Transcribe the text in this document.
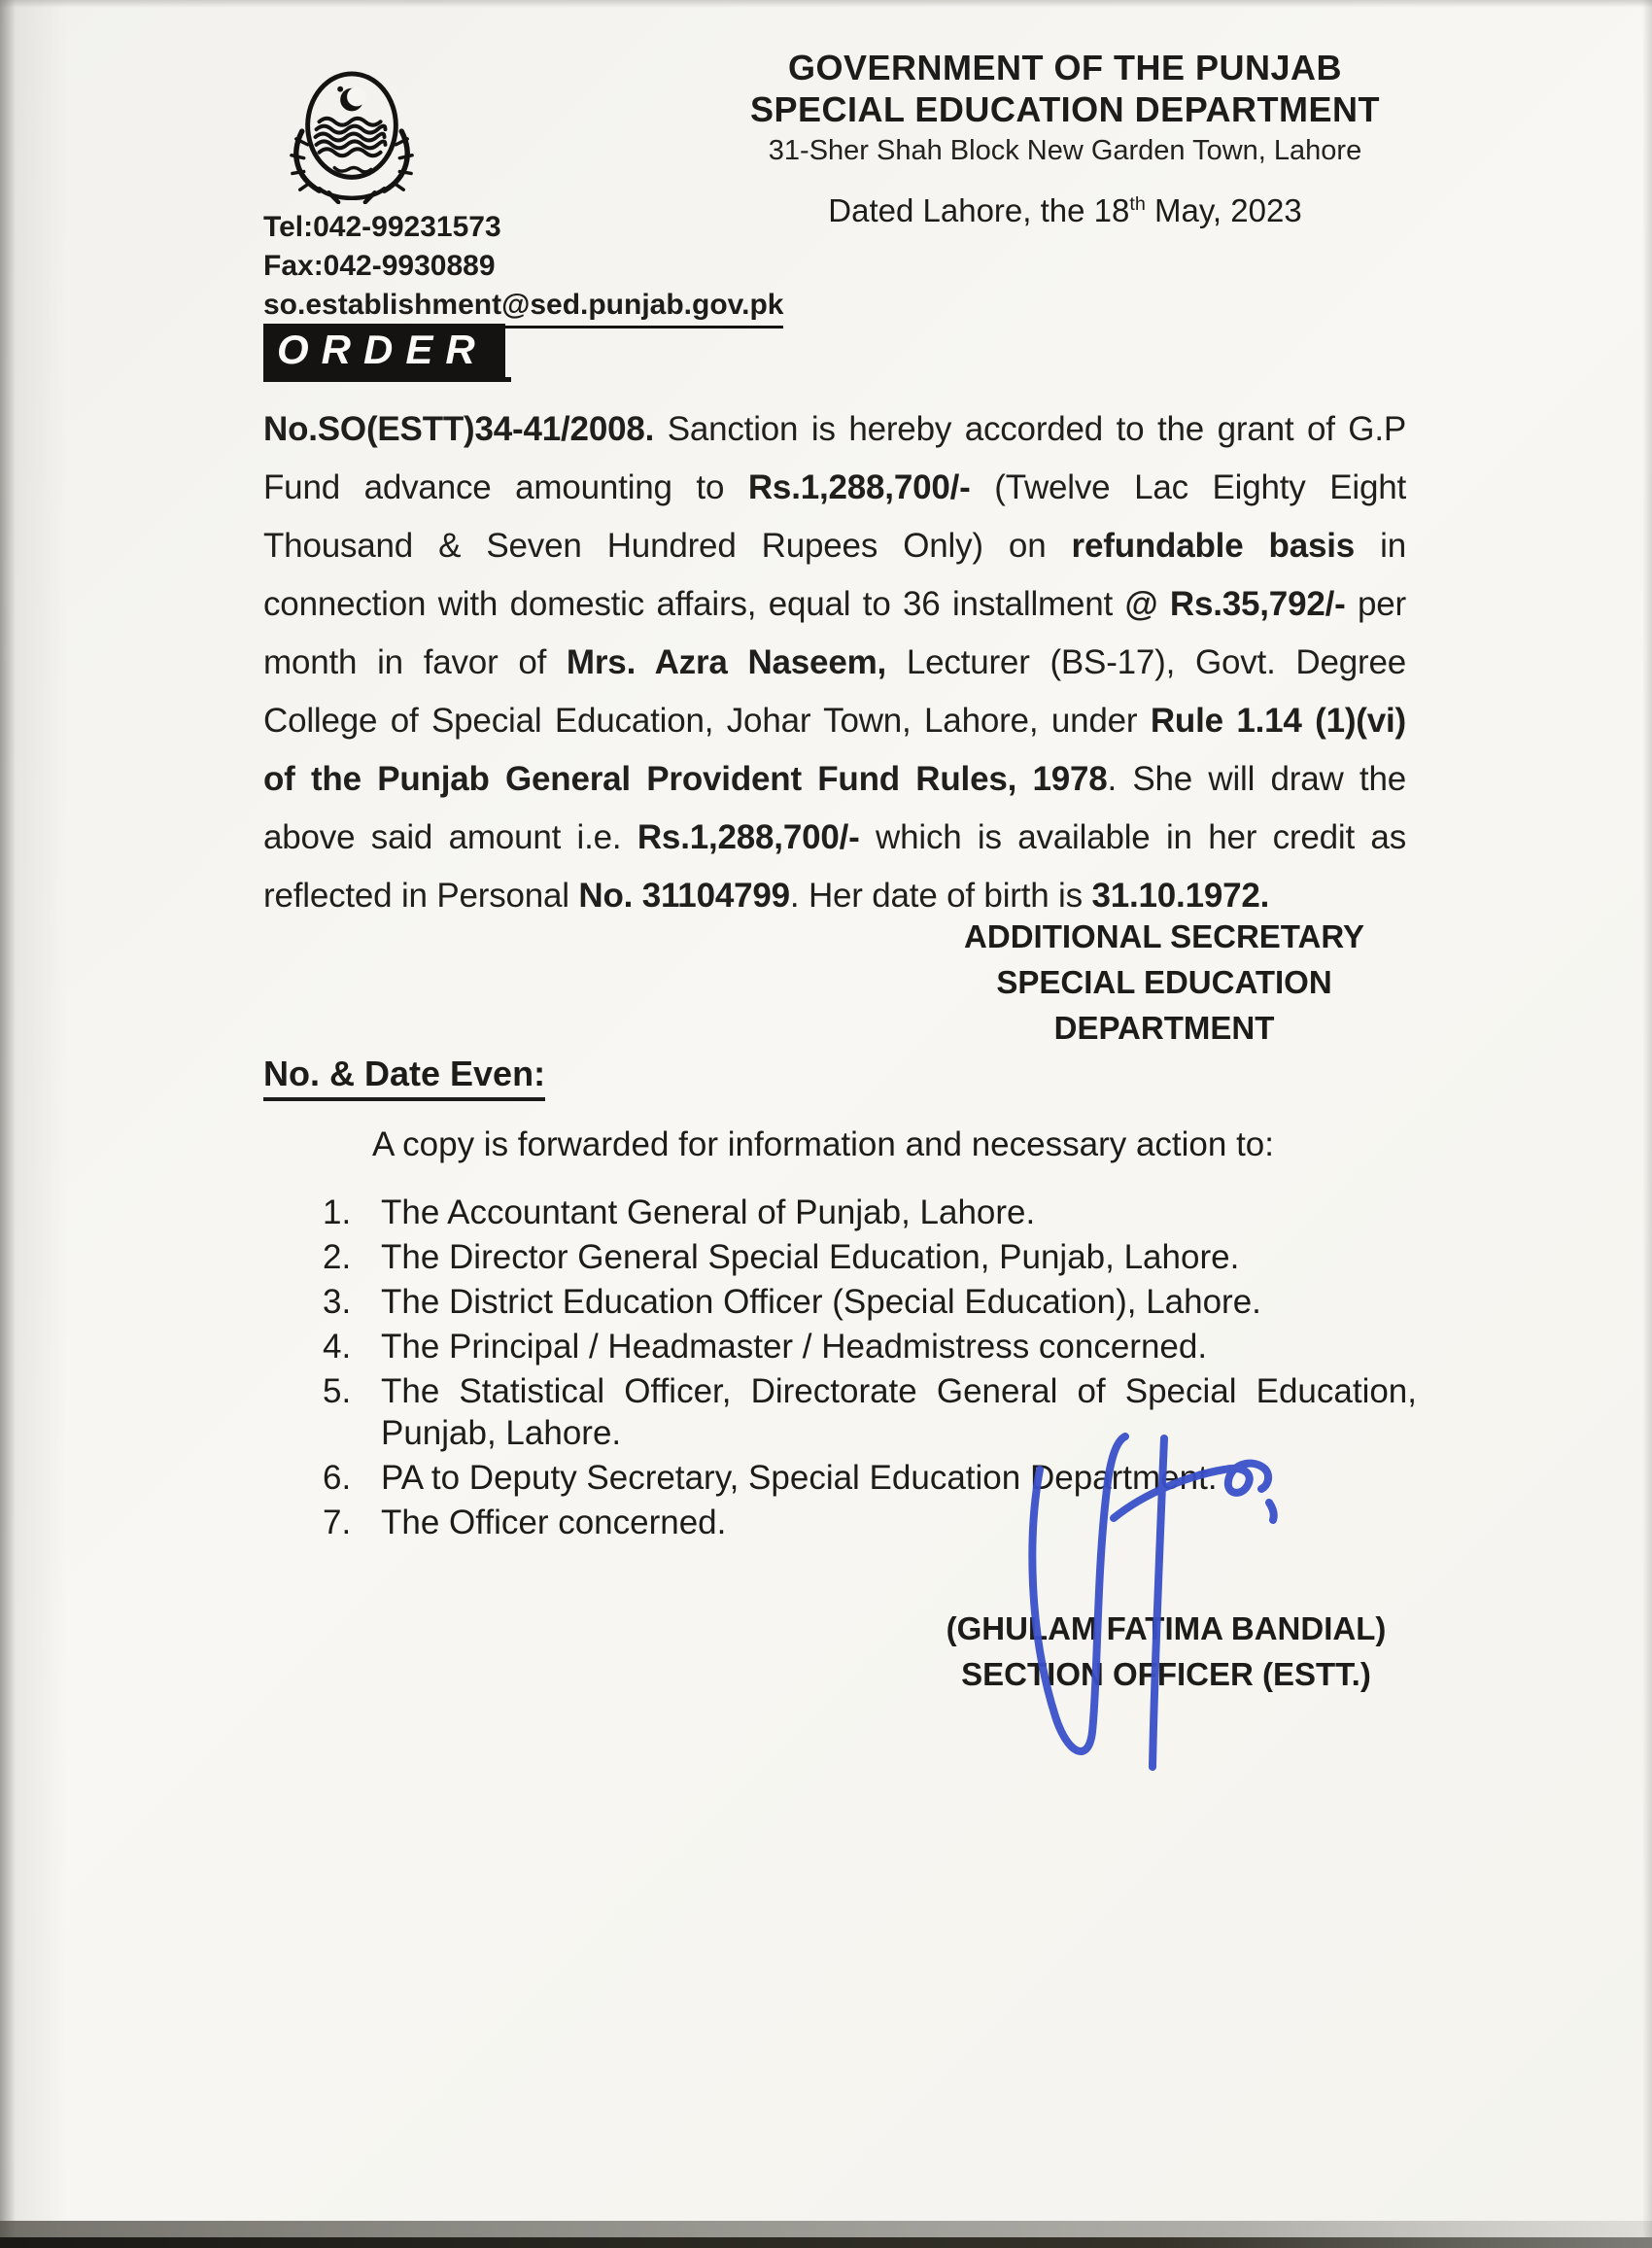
GOVERNMENT OF THE PUNJAB
SPECIAL EDUCATION DEPARTMENT
31-Sher Shah Block New Garden Town, Lahore
Dated Lahore, the 18th May, 2023
Tel:042-99231573
Fax:042-9930889
so.establishment@sed.punjab.gov.pk
ORDER
No.SO(ESTT)34-41/2008. Sanction is hereby accorded to the grant of G.P Fund advance amounting to Rs.1,288,700/- (Twelve Lac Eighty Eight Thousand & Seven Hundred Rupees Only) on refundable basis in connection with domestic affairs, equal to 36 installment @ Rs.35,792/- per month in favor of Mrs. Azra Naseem, Lecturer (BS-17), Govt. Degree College of Special Education, Johar Town, Lahore, under Rule 1.14 (1)(vi) of the Punjab General Provident Fund Rules, 1978. She will draw the above said amount i.e. Rs.1,288,700/- which is available in her credit as reflected in Personal No. 31104799. Her date of birth is 31.10.1972.
ADDITIONAL SECRETARY
SPECIAL EDUCATION
DEPARTMENT
No. & Date Even:
A copy is forwarded for information and necessary action to:
1. The Accountant General of Punjab, Lahore.
2. The Director General Special Education, Punjab, Lahore.
3. The District Education Officer (Special Education), Lahore.
4. The Principal / Headmaster / Headmistress concerned.
5. The Statistical Officer, Directorate General of Special Education, Punjab, Lahore.
6. PA to Deputy Secretary, Special Education Department.
7. The Officer concerned.
(GHULAM FATIMA BANDIAL)
SECTION OFFICER (ESTT.)
